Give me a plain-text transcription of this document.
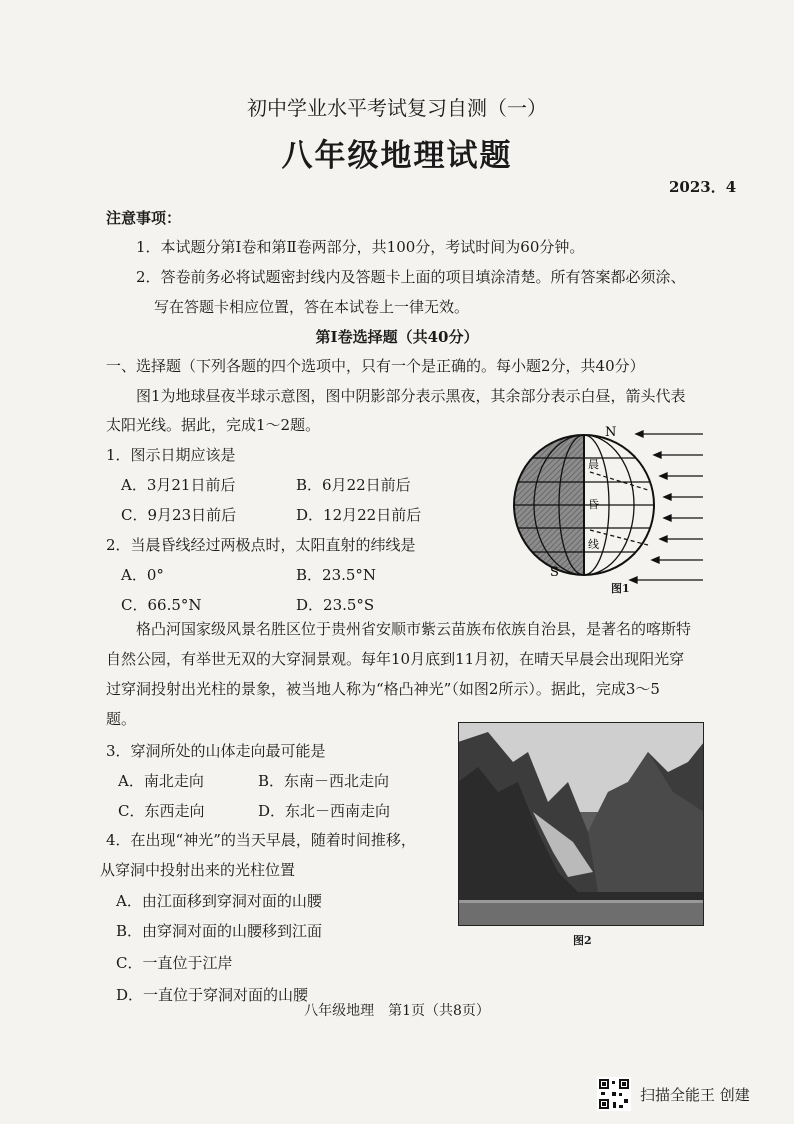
初中学业水平考试复习自测（一）
八年级地理试题
2023．4
注意事项：
1．本试题分第Ⅰ卷和第Ⅱ卷两部分，共100分，考试时间为60分钟。
2．答卷前务必将试题密封线内及答题卡上面的项目填涂清楚。所有答案都必须涂、
写在答题卡相应位置，答在本试卷上一律无效。
第Ⅰ卷选择题（共40分）
一、选择题（下列各题的四个选项中，只有一个是正确的。每小题2分，共40分）
图1为地球昼夜半球示意图，图中阴影部分表示黑夜，其余部分表示白昼，箭头代表
太阳光线。据此，完成1～2题。
1．图示日期应该是
A．3月21日前后	B．6月22日前后
C．9月23日前后	D．12月22日前后
2．当晨昏线经过两极点时，太阳直射的纬线是
A．0°	B．23.5°N
C．66.5°N	D．23.5°S
N
S
晨
昏
线
图1
格凸河国家级风景名胜区位于贵州省安顺市紫云苗族布依族自治县，是著名的喀斯特
自然公园，有举世无双的大穿洞景观。每年10月底到11月初，在晴天早晨会出现阳光穿
过穿洞投射出光柱的景象，被当地人称为“格凸神光”（如图2所示）。据此，完成3～5
题。
3．穿洞所处的山体走向最可能是
A．南北走向	B．东南－西北走向
C．东西走向	D．东北－西南走向
4．在出现“神光”的当天早晨，随着时间推移，
从穿洞中投射出来的光柱位置
A．由江面移到穿洞对面的山腰
B．由穿洞对面的山腰移到江面
C．一直位于江岸
D．一直位于穿洞对面的山腰
图2
八年级地理　第1页（共8页）
扫描全能王 创建
